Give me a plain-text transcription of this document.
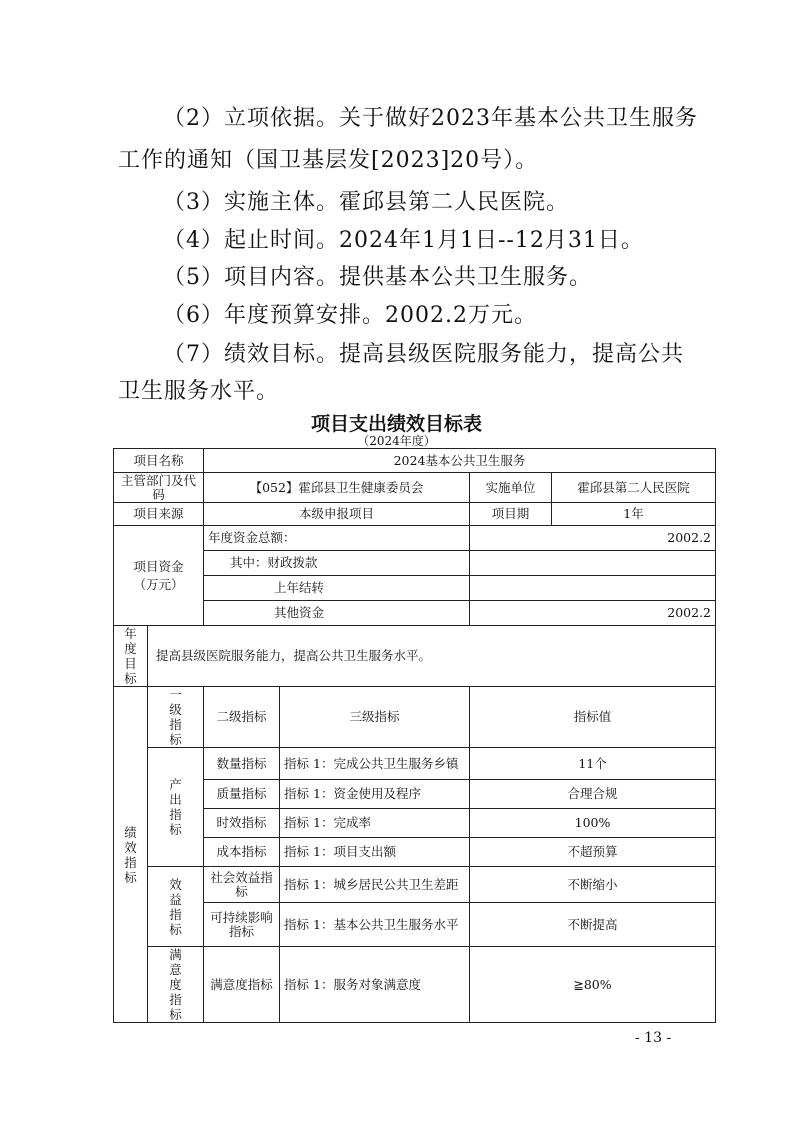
（2）立项依据。关于做好2023年基本公共卫生服务
工作的通知（国卫基层发[2023]20号）。
（3）实施主体。霍邱县第二人民医院。
（4）起止时间。2024年1月1日--12月31日。
（5）项目内容。提供基本公共卫生服务。
（6）年度预算安排。2002.2万元。
（7）绩效目标。提高县级医院服务能力，提高公共
卫生服务水平。
项目支出绩效目标表
（2024年度）
项目名称		2024基本公共卫生服务			
主管部门及代码		【052】霍邱县卫生健康委员会		实施单位	霍邱县第二人民医院
项目来源		本级申报项目		项目期	1年

项目资金（万元）		年度资金总额：		2002.2	
		其中：财政拨款			
		上年结转			
		其他资金		2002.2	
年度目标	提高县级医院服务能力，提高公共卫生服务水平。				
绩效指标	一级指标	二级指标	三级指标	指标值	
	产出指标	数量指标	指标 1：完成公共卫生服务乡镇	11个	
		质量指标	指标 1：资金使用及程序	合理合规	
		时效指标	指标 1：完成率	100%	
		成本指标	指标 1：项目支出额	不超预算	
	效益指标	社会效益指标	指标 1：城乡居民公共卫生差距	不断缩小	
		可持续影响指标	指标 1：基本公共卫生服务水平	不断提高	
	满意度指标	满意度指标	指标 1：服务对象满意度	≧80%	
- 13 -
